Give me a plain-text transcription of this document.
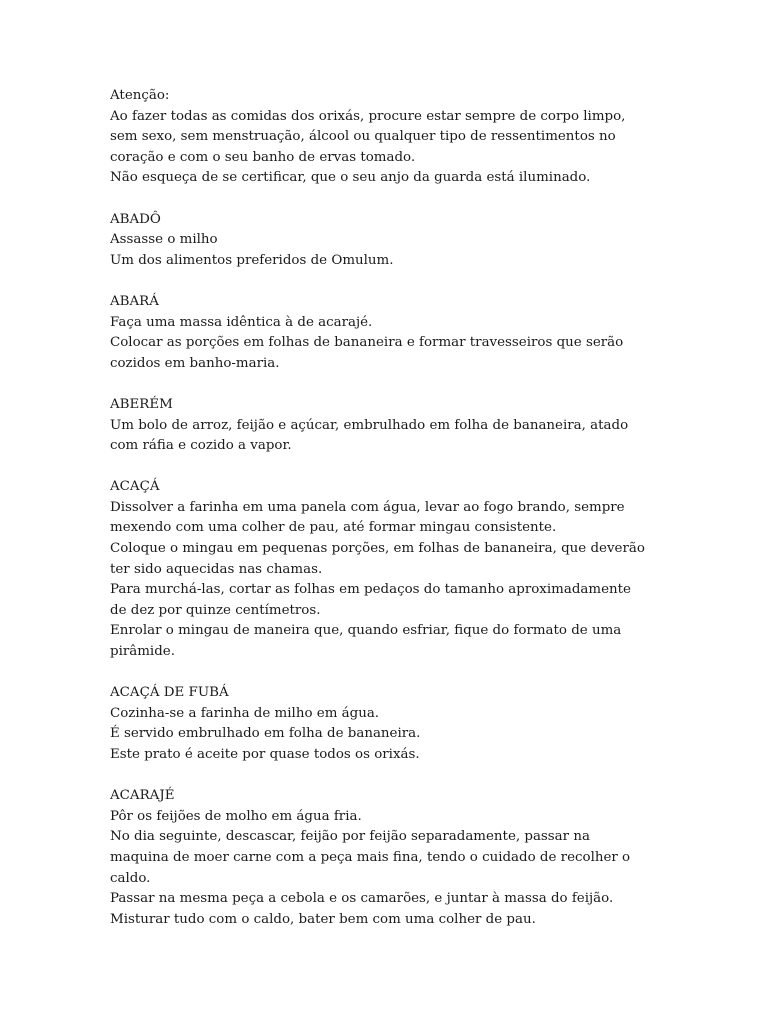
Atenção:
Ao fazer todas as comidas dos orixás, procure estar sempre de corpo limpo,
sem sexo, sem menstruação, álcool ou qualquer tipo de ressentimentos no
coração e com o seu banho de ervas tomado.
Não esqueça de se certificar, que o seu anjo da guarda está iluminado.
ABADÔ
Assasse o milho
Um dos alimentos preferidos de Omulum.
ABARÁ
Faça uma massa idêntica à de acarajé.
Colocar as porções em folhas de bananeira e formar travesseiros que serão
cozidos em banho-maria.
ABERÉM
Um bolo de arroz, feijão e açúcar, embrulhado em folha de bananeira, atado
com ráfia e cozido a vapor.
ACAÇÁ
Dissolver a farinha em uma panela com água, levar ao fogo brando, sempre
mexendo com uma colher de pau, até formar mingau consistente.
Coloque o mingau em pequenas porções, em folhas de bananeira, que deverão
ter sido aquecidas nas chamas.
Para murchá-las, cortar as folhas em pedaços do tamanho aproximadamente
de dez por quinze centímetros.
Enrolar o mingau de maneira que, quando esfriar, fique do formato de uma
pirâmide.
ACAÇÁ DE FUBÁ
Cozinha-se a farinha de milho em água.
É servido embrulhado em folha de bananeira.
Este prato é aceite por quase todos os orixás.
ACARAJÉ
Pôr os feijões de molho em água fria.
No dia seguinte, descascar, feijão por feijão separadamente, passar na
maquina de moer carne com a peça mais fina, tendo o cuidado de recolher o
caldo.
Passar na mesma peça a cebola e os camarões, e juntar à massa do feijão.
Misturar tudo com o caldo, bater bem com uma colher de pau.
